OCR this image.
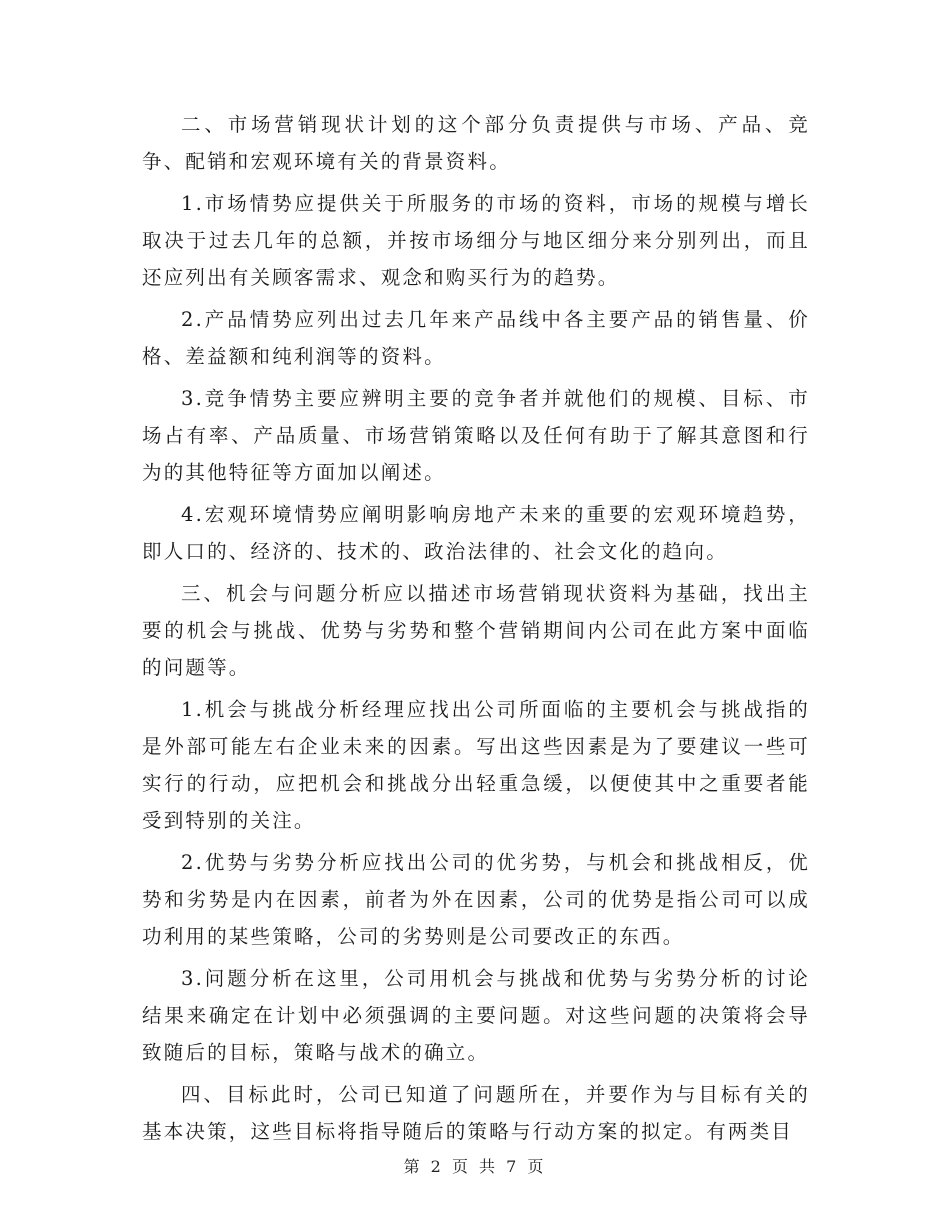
二、市场营销现状计划的这个部分负责提供与市场、产品、竞争、配销和宏观环境有关的背景资料。

1.市场情势应提供关于所服务的市场的资料，市场的规模与增长取决于过去几年的总额，并按市场细分与地区细分来分别列出，而且还应列出有关顾客需求、观念和购买行为的趋势。

2.产品情势应列出过去几年来产品线中各主要产品的销售量、价格、差益额和纯利润等的资料。

3.竞争情势主要应辨明主要的竞争者并就他们的规模、目标、市场占有率、产品质量、市场营销策略以及任何有助于了解其意图和行为的其他特征等方面加以阐述。

4.宏观环境情势应阐明影响房地产未来的重要的宏观环境趋势，即人口的、经济的、技术的、政治法律的、社会文化的趋向。

三、机会与问题分析应以描述市场营销现状资料为基础，找出主要的机会与挑战、优势与劣势和整个营销期间内公司在此方案中面临的问题等。

1.机会与挑战分析经理应找出公司所面临的主要机会与挑战指的是外部可能左右企业未来的因素。写出这些因素是为了要建议一些可实行的行动，应把机会和挑战分出轻重急缓，以便使其中之重要者能受到特别的关注。

2.优势与劣势分析应找出公司的优劣势，与机会和挑战相反，优势和劣势是内在因素，前者为外在因素，公司的优势是指公司可以成功利用的某些策略，公司的劣势则是公司要改正的东西。

3.问题分析在这里，公司用机会与挑战和优势与劣势分析的讨论结果来确定在计划中必须强调的主要问题。对这些问题的决策将会导致随后的目标，策略与战术的确立。

四、目标此时，公司已知道了问题所在，并要作为与目标有关的基本决策，这些目标将指导随后的策略与行动方案的拟定。有两类目

第 2 页 共 7 页
